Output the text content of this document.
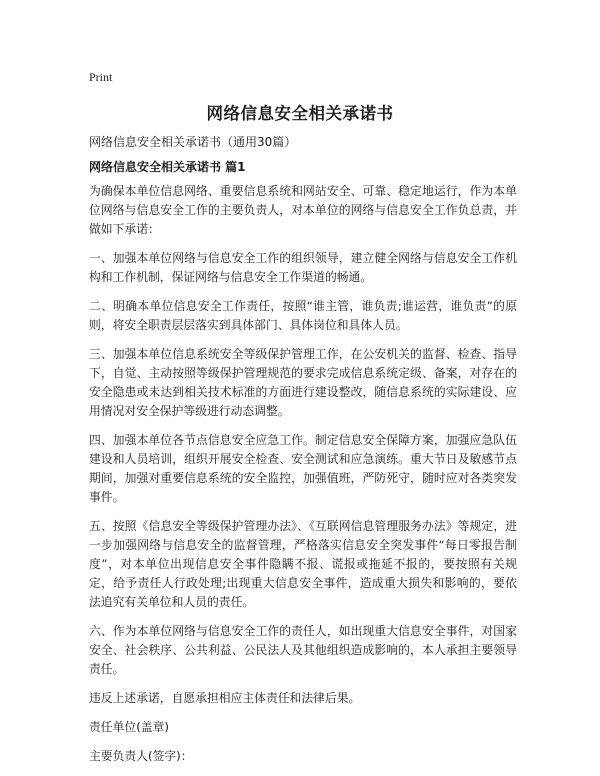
Print
网络信息安全相关承诺书
网络信息安全相关承诺书（通用30篇）
网络信息安全相关承诺书 篇1

为确保本单位信息网络、重要信息系统和网站安全、可靠、稳定地运行，作为本单位网络与信息安全工作的主要负责人，对本单位的网络与信息安全工作负总责，并做如下承诺：

一、加强本单位网络与信息安全工作的组织领导，建立健全网络与信息安全工作机构和工作机制，保证网络与信息安全工作渠道的畅通。

二、明确本单位信息安全工作责任，按照“谁主管，谁负责;谁运营，谁负责”的原则，将安全职责层层落实到具体部门、具体岗位和具体人员。

三、加强本单位信息系统安全等级保护管理工作，在公安机关的监督、检查、指导下，自觉、主动按照等级保护管理规范的要求完成信息系统定级、备案，对存在的安全隐患或未达到相关技术标准的方面进行建设整改，随信息系统的实际建设、应用情况对安全保护等级进行动态调整。

四、加强本单位各节点信息安全应急工作。制定信息安全保障方案，加强应急队伍建设和人员培训，组织开展安全检查、安全测试和应急演练。重大节日及敏感节点期间，加强对重要信息系统的安全监控，加强值班，严防死守，随时应对各类突发事件。

五、按照《信息安全等级保护管理办法》、《互联网信息管理服务办法》等规定，进一步加强网络与信息安全的监督管理，严格落实信息安全突发事件“每日零报告制度”，对本单位出现信息安全事件隐瞒不报、谎报或拖延不报的，要按照有关规定，给予责任人行政处理;出现重大信息安全事件，造成重大损失和影响的，要依法追究有关单位和人员的责任。

六、作为本单位网络与信息安全工作的责任人，如出现重大信息安全事件，对国家安全、社会秩序、公共利益、公民法人及其他组织造成影响的，本人承担主要领导责任。

违反上述承诺，自愿承担相应主体责任和法律后果。

责任单位(盖章)

主要负责人(签字)：
